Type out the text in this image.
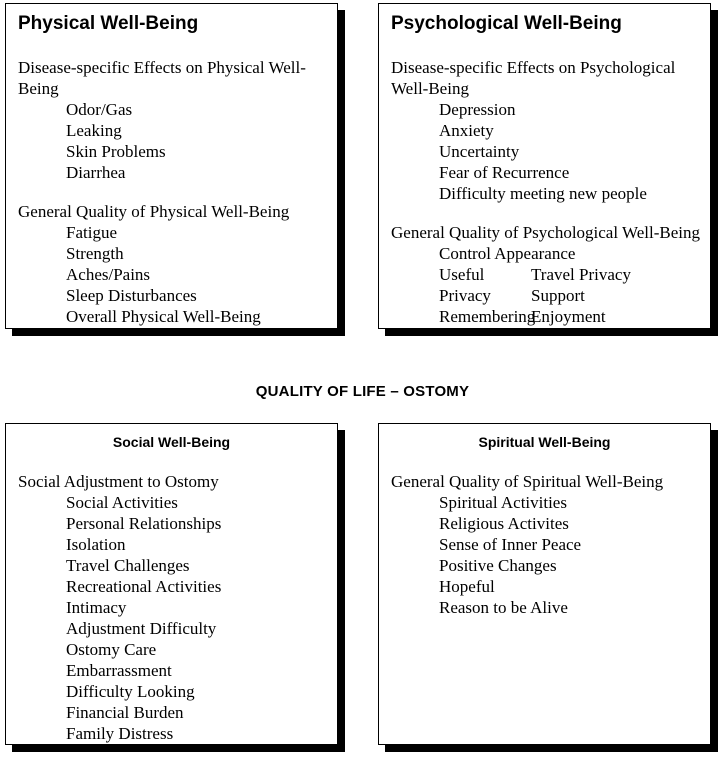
Physical Well-Being
Disease-specific Effects on Physical Well-Being
Odor/Gas
Leaking
Skin Problems
Diarrhea
General Quality of Physical Well-Being
Fatigue
Strength
Aches/Pains
Sleep Disturbances
Overall Physical Well-Being
Psychological Well-Being
Disease-specific Effects on Psychological Well-Being
Depression
Anxiety
Uncertainty
Fear of Recurrence
Difficulty meeting new people
General Quality of Psychological Well-Being
Control Appearance
Useful	Travel Privacy
Privacy	Support
Remembering
Enjoyment
QUALITY OF LIFE – OSTOMY
Social Well-Being
Social Adjustment to Ostomy
Social Activities
Personal Relationships
Isolation
Travel Challenges
Recreational Activities
Intimacy
Adjustment Difficulty
Ostomy Care
Embarrassment
Difficulty Looking
Financial Burden
Family Distress
Spiritual Well-Being
General Quality of Spiritual Well-Being
Spiritual Activities
Religious Activites
Sense of Inner Peace
Positive Changes
Hopeful
Reason to be Alive
